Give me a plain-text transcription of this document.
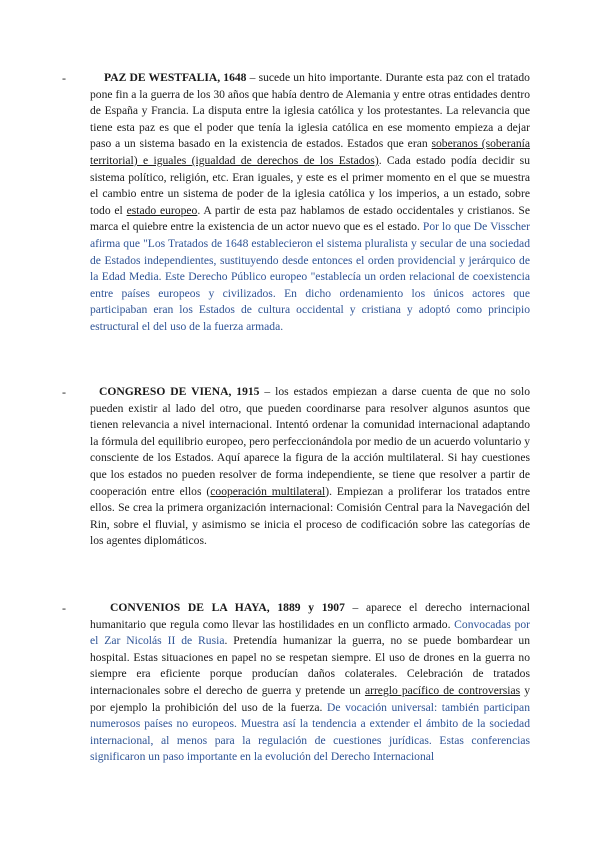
-	PAZ DE WESTFALIA, 1648 – sucede un hito importante. Durante esta paz con el tratado pone fin a la guerra de los 30 años que había dentro de Alemania y entre otras entidades dentro de España y Francia. La disputa entre la iglesia católica y los protestantes. La relevancia que tiene esta paz es que el poder que tenía la iglesia católica en ese momento empieza a dejar paso a un sistema basado en la existencia de estados. Estados que eran soberanos (soberanía territorial) e iguales (igualdad de derechos de los Estados). Cada estado podía decidir su sistema político, religión, etc. Eran iguales, y este es el primer momento en el que se muestra el cambio entre un sistema de poder de la iglesia católica y los imperios, a un estado, sobre todo el estado europeo. A partir de esta paz hablamos de estado occidentales y cristianos. Se marca el quiebre entre la existencia de un actor nuevo que es el estado. Por lo que De Visscher afirma que "Los Tratados de 1648 establecieron el sistema pluralista y secular de una sociedad de Estados independientes, sustituyendo desde entonces el orden providencial y jerárquico de la Edad Media. Este Derecho Público europeo "establecía un orden relacional de coexistencia entre países europeos y civilizados. En dicho ordenamiento los únicos actores que participaban eran los Estados de cultura occidental y cristiana y adoptó como principio estructural el del uso de la fuerza armada.

-	CONGRESO DE VIENA, 1915 – los estados empiezan a darse cuenta de que no solo pueden existir al lado del otro, que pueden coordinarse para resolver algunos asuntos que tienen relevancia a nivel internacional. Intentó ordenar la comunidad internacional adaptando la fórmula del equilibrio europeo, pero perfeccionándola por medio de un acuerdo voluntario y consciente de los Estados. Aquí aparece la figura de la acción multilateral. Si hay cuestiones que los estados no pueden resolver de forma independiente, se tiene que resolver a partir de cooperación entre ellos (cooperación multilateral). Empiezan a proliferar los tratados entre ellos. Se crea la primera organización internacional: Comisión Central para la Navegación del Rin, sobre el fluvial, y asimismo se inicia el proceso de codificación sobre las categorías de los agentes diplomáticos.

-	CONVENIOS DE LA HAYA, 1889 y 1907 – aparece el derecho internacional humanitario que regula como llevar las hostilidades en un conflicto armado. Convocadas por el Zar Nicolás II de Rusia. Pretendía humanizar la guerra, no se puede bombardear un hospital. Estas situaciones en papel no se respetan siempre. El uso de drones en la guerra no siempre era eficiente porque producían daños colaterales. Celebración de tratados internacionales sobre el derecho de guerra y pretende un arreglo pacífico de controversias y por ejemplo la prohibición del uso de la fuerza. De vocación universal: también participan numerosos países no europeos. Muestra así la tendencia a extender el ámbito de la sociedad internacional, al menos para la regulación de cuestiones jurídicas. Estas conferencias significaron un paso importante en la evolución del Derecho Internacional
